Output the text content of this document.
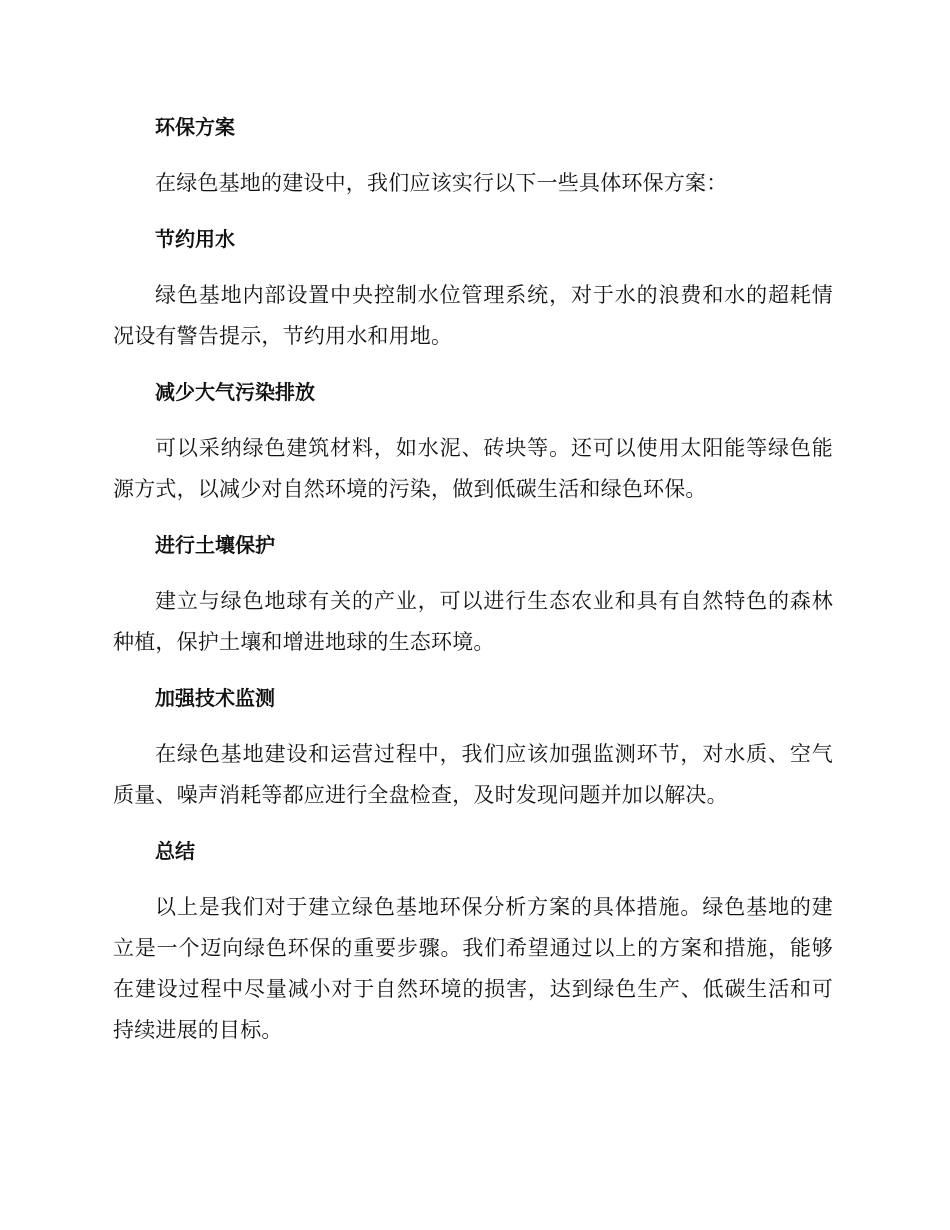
环保方案

在绿色基地的建设中，我们应该实行以下一些具体环保方案：

节约用水

绿色基地内部设置中央控制水位管理系统，对于水的浪费和水的超耗情况设有警告提示，节约用水和用地。

减少大气污染排放

可以采纳绿色建筑材料，如水泥、砖块等。还可以使用太阳能等绿色能源方式，以减少对自然环境的污染，做到低碳生活和绿色环保。

进行土壤保护

建立与绿色地球有关的产业，可以进行生态农业和具有自然特色的森林种植，保护土壤和增进地球的生态环境。

加强技术监测

在绿色基地建设和运营过程中，我们应该加强监测环节，对水质、空气质量、噪声消耗等都应进行全盘检查，及时发现问题并加以解决。

总结

以上是我们对于建立绿色基地环保分析方案的具体措施。绿色基地的建立是一个迈向绿色环保的重要步骤。我们希望通过以上的方案和措施，能够在建设过程中尽量减小对于自然环境的损害，达到绿色生产、低碳生活和可持续进展的目标。
